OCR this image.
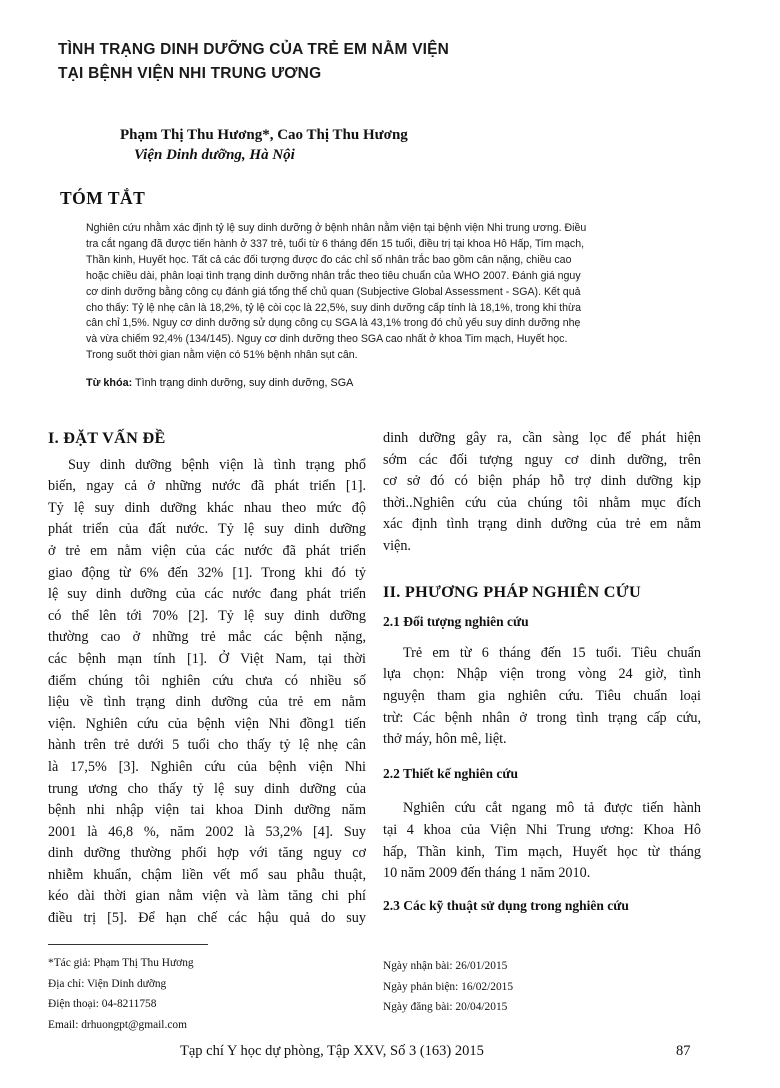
TÌNH TRẠNG DINH DƯỠNG CỦA TRẺ EM NẰM VIỆN
TẠI BỆNH VIỆN NHI TRUNG ƯƠNG
Phạm Thị Thu Hương*, Cao Thị Thu Hương
Viện Dinh dưỡng, Hà Nội
TÓM TẮT
Nghiên cứu nhằm xác định tỷ lệ suy dinh dưỡng ở bệnh nhân nằm viện tại bệnh viện Nhi trung ương. Điều
tra cắt ngang đã được tiến hành ở 337 trẻ, tuổi từ 6 tháng đến 15 tuổi, điều trị tại khoa Hô Hấp, Tim mạch,
Thần kinh, Huyết học. Tất cả các đối tượng được đo các chỉ số nhân trắc bao gồm cân nặng, chiều cao
hoặc chiều dài, phân loại tình trạng dinh dưỡng nhân trắc theo tiêu chuẩn của WHO 2007. Đánh giá nguy
cơ dinh dưỡng bằng công cụ đánh giá tổng thể chủ quan (Subjective Global Assessment - SGA). Kết quả
cho thấy: Tỷ lệ nhẹ cân là 18,2%, tỷ lệ còi cọc là 22,5%, suy dinh dưỡng cấp tính là 18,1%, trong khi thừa
cân chỉ 1,5%. Nguy cơ dinh dưỡng sử dụng công cụ SGA là 43,1% trong đó chủ yếu suy dinh dưỡng nhẹ
và vừa chiếm 92,4% (134/145). Nguy cơ dinh dưỡng theo SGA cao nhất ở khoa Tim mạch, Huyết học.
Trong suốt thời gian nằm viện có 51% bệnh nhân sụt cân.
Từ khóa: Tình trạng dinh dưỡng, suy dinh dưỡng, SGA
I. ĐẶT VẤN ĐỀ
Suy dinh dưỡng bệnh viện là tình trạng phổ
biến, ngay cả ở những nước đã phát triển [1].
Tỷ lệ suy dinh dưỡng khác nhau theo mức độ
phát triển của đất nước. Tỷ lệ suy dinh dưỡng
ở trẻ em nằm viện của các nước đã phát triển
giao động từ 6% đến 32% [1]. Trong khi đó tỷ
lệ suy dinh dưỡng của các nước đang phát triển
có thể lên tới 70% [2]. Tỷ lệ suy dinh dưỡng
thường cao ở những trẻ mắc các bệnh nặng,
các bệnh mạn tính [1]. Ở Việt Nam, tại thời
điểm chúng tôi nghiên cứu chưa có nhiều số
liệu về tình trạng dinh dưỡng của trẻ em nằm
viện. Nghiên cứu của bệnh viện Nhi đồng1 tiến
hành trên trẻ dưới 5 tuổi cho thấy tỷ lệ nhẹ cân
là 17,5% [3]. Nghiên cứu của bệnh viện Nhi
trung ương cho thấy tỷ lệ suy dinh dưỡng của
bệnh nhi nhập viện tai khoa Dinh dưỡng năm
2001 là 46,8 %, năm 2002 là 53,2% [4]. Suy
dinh dưỡng thường phối hợp với tăng nguy cơ
nhiễm khuẩn, chậm liền vết mổ sau phẫu thuật,
kéo dài thời gian nằm viện và làm tăng chi phí
điều trị [5]. Để hạn chế các hậu quả do suy
dinh dưỡng gây ra, cần sàng lọc để phát hiện
sớm các đối tượng nguy cơ dinh dưỡng, trên
cơ sở đó có biện pháp hỗ trợ dinh dưỡng kịp
thời..Nghiên cứu của chúng tôi nhằm mục đích
xác định tình trạng dinh dưỡng của trẻ em nằm
viện.
II. PHƯƠNG PHÁP NGHIÊN CỨU
2.1 Đối tượng nghiên cứu
Trẻ em từ 6 tháng đến 15 tuổi. Tiêu chuẩn
lựa chọn: Nhập viện trong vòng 24 giờ, tình
nguyện tham gia nghiên cứu. Tiêu chuẩn loại
trừ: Các bệnh nhân ở trong tình trạng cấp cứu,
thở máy, hôn mê, liệt.
2.2 Thiết kế nghiên cứu
Nghiên cứu cắt ngang mô tả được tiến hành
tại 4 khoa của Viện Nhi Trung ương: Khoa Hô
hấp, Thần kinh, Tim mạch, Huyết học từ tháng
10 năm 2009 đến tháng 1 năm 2010.
2.3 Các kỹ thuật sử dụng trong nghiên cứu
*Tác giả: Phạm Thị Thu Hương
Địa chỉ: Viện Dinh dưỡng
Điện thoại: 04-8211758
Email: drhuongpt@gmail.com
Ngày nhận bài: 26/01/2015
Ngày phản biện: 16/02/2015
Ngày đăng bài: 20/04/2015
Tạp chí Y học dự phòng, Tập XXV, Số 3 (163) 2015	87
